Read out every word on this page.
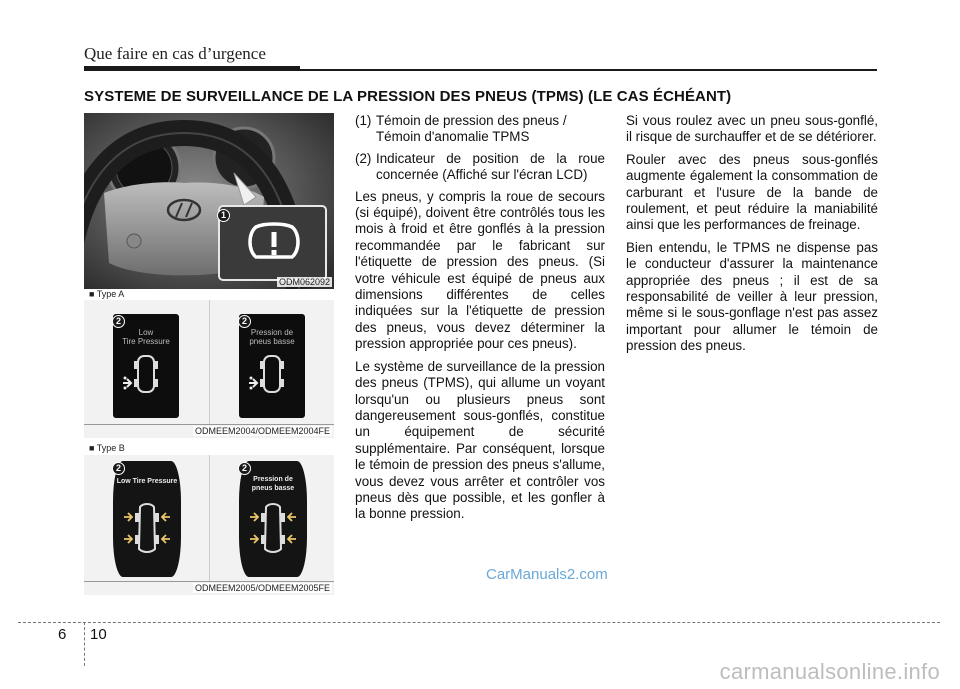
Que faire en cas d’urgence
SYSTEME DE SURVEILLANCE DE LA PRESSION DES PNEUS (TPMS) (LE CAS ÉCHÉANT)
1
ODM062092
■ Type A
Low
Tire Pressure
2
Pression de
pneus basse
2
ODMEEM2004/ODMEEM2004FE
■ Type B
Low Tire Pressure
2
Pression de
pneus basse
2
ODMEEM2005/ODMEEM2005FE
(1) Témoin de pression des pneus / Témoin d'anomalie TPMS
(2) Indicateur de position de la roue concernée (Affiché sur l'écran LCD)

Les pneus, y compris la roue de secours (si équipé), doivent être contrôlés tous les mois à froid et être gonflés à la pression recommandée par le fabricant sur l'étiquette de pression des pneus. (Si votre véhicule est équipé de pneus aux dimensions différentes de celles indiquées sur la l'étiquette de pression des pneus, vous devez déterminer la pression appropriée pour ces pneus).

Le système de surveillance de la pression des pneus (TPMS), qui allume un voyant lorsqu'un ou plusieurs pneus sont dangereusement sous-gonflés, constitue un équipement de sécurité supplémentaire. Par conséquent, lorsque le témoin de pression des pneus s'allume, vous devez vous arrêter et contrôler vos pneus dès que possible, et les gonfler à la bonne pression.

Si vous roulez avec un pneu sous-gonflé, il risque de surchauffer et de se détériorer.

Rouler avec des pneus sous-gonflés augmente également la consommation de carburant et l'usure de la bande de roulement, et peut réduire la maniabilité ainsi que les performances de freinage.

Bien entendu, le TPMS ne dispense pas le conducteur d'assurer la maintenance appropriée des pneus ; il est de sa responsabilité de veiller à leur pression, même si le sous-gonflage n'est pas assez important pour allumer le témoin de pression des pneus.

CarManuals2.com
6 10
carmanualsonline.info
